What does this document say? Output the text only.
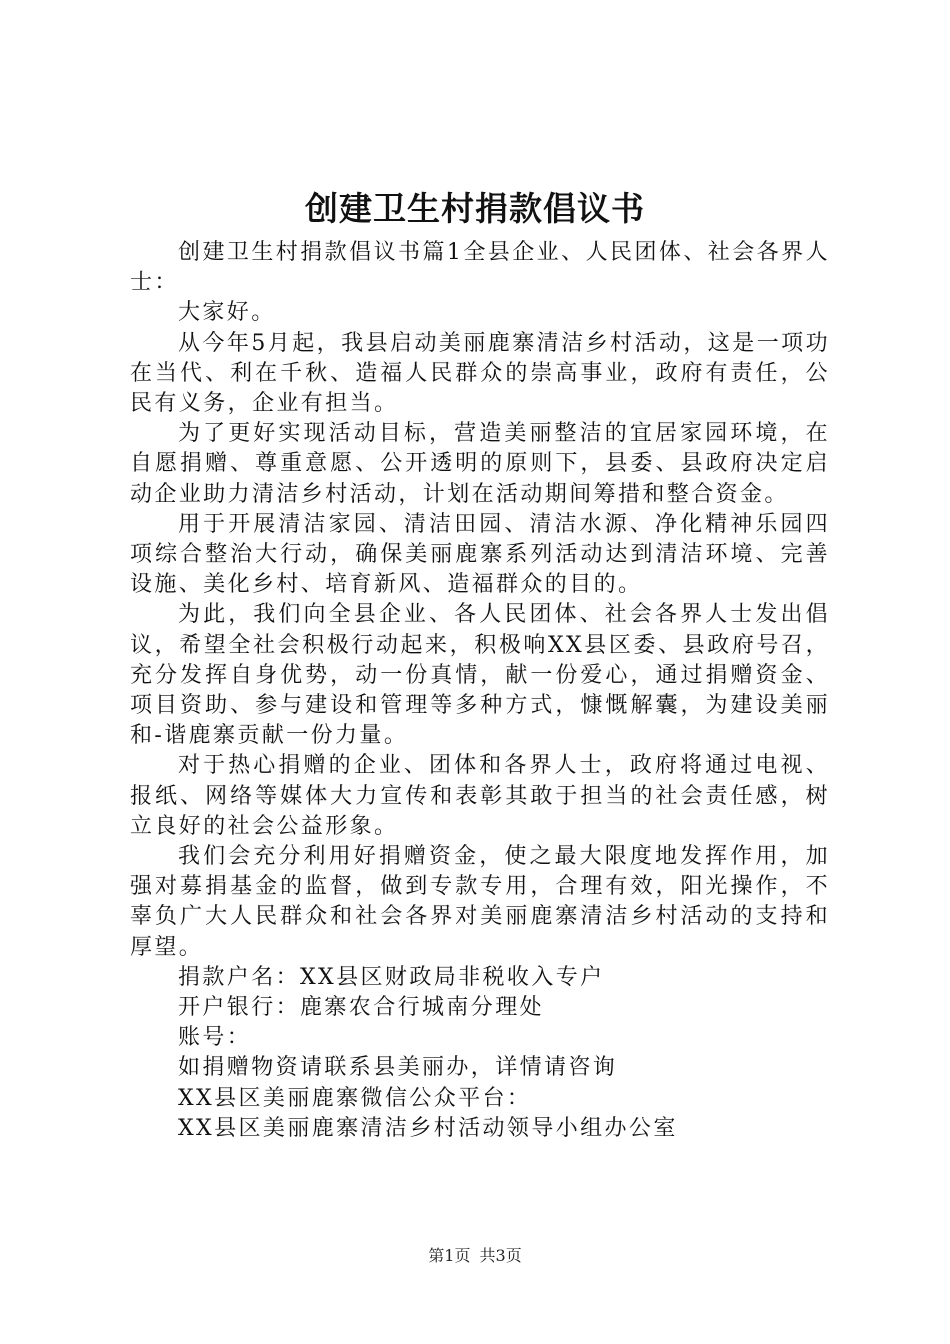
创建卫生村捐款倡议书

创建卫生村捐款倡议书篇1全县企业、人民团体、社会各界人士：

大家好。

从今年5月起，我县启动美丽鹿寨清洁乡村活动，这是一项功在当代、利在千秋、造福人民群众的崇高事业，政府有责任，公民有义务，企业有担当。

为了更好实现活动目标，营造美丽整洁的宜居家园环境，在自愿捐赠、尊重意愿、公开透明的原则下，县委、县政府决定启动企业助力清洁乡村活动，计划在活动期间筹措和整合资金。

用于开展清洁家园、清洁田园、清洁水源、净化精神乐园四项综合整治大行动，确保美丽鹿寨系列活动达到清洁环境、完善设施、美化乡村、培育新风、造福群众的目的。

为此，我们向全县企业、各人民团体、社会各界人士发出倡议，希望全社会积极行动起来，积极响XX县区委、县政府号召，充分发挥自身优势，动一份真情，献一份爱心，通过捐赠资金、项目资助、参与建设和管理等多种方式，慷慨解囊，为建设美丽和-谐鹿寨贡献一份力量。

对于热心捐赠的企业、团体和各界人士，政府将通过电视、报纸、网络等媒体大力宣传和表彰其敢于担当的社会责任感，树立良好的社会公益形象。

我们会充分利用好捐赠资金，使之最大限度地发挥作用，加强对募捐基金的监督，做到专款专用，合理有效，阳光操作，不辜负广大人民群众和社会各界对美丽鹿寨清洁乡村活动的支持和厚望。

捐款户名：XX县区财政局非税收入专户

开户银行：鹿寨农合行城南分理处

账号：

如捐赠物资请联系县美丽办，详情请咨询

XX县区美丽鹿寨微信公众平台：

XX县区美丽鹿寨清洁乡村活动领导小组办公室

第1页 共3页
